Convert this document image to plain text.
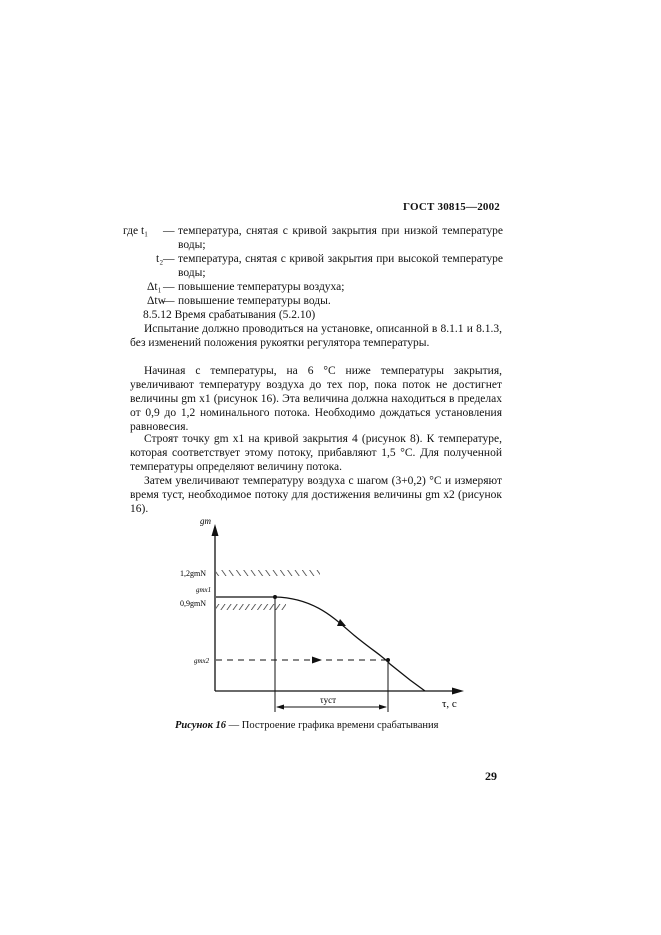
ГОСТ 30815—2002
где t₁	— температура, снятая с кривой закрытия при низкой температуре воды;
t₂ — температура, снятая с кривой закрытия при высокой температуре воды;
Δt₁ — повышение температуры воздуха;
Δtw
— повышение температуры воды.
8.5.12 Время срабатывания (5.2.10)
Испытание должно проводиться на установке, описанной в 8.1.1 и 8.1.3, без изменений положения рукоятки регулятора температуры.
Начиная с температуры, на 6 °С ниже температуры закрытия, увеличивают температуру воздуха до тех пор, пока поток не достигнет величины gm x1 (рисунок 16). Эта величина должна находиться в пределах от 0,9 до 1,2 номинального потока. Необходимо дождаться установления равновесия.
Строят точку gm x1 на кривой закрытия 4 (рисунок 8). К температуре, которая соответствует этому потоку, прибавляют 1,5 °С. Для полученной температуры определяют величину потока.
Затем увеличивают температуру воздуха с шагом (3+0,2) °С и измеряют время τуст, необходимое потоку для достижения величины gm x2 (рисунок 16).
gm
τ, с
1,2gmN
gmx1
0,9gmN
gmx2
τуст
Рисунок 16 — Построение графика времени срабатывания
29
